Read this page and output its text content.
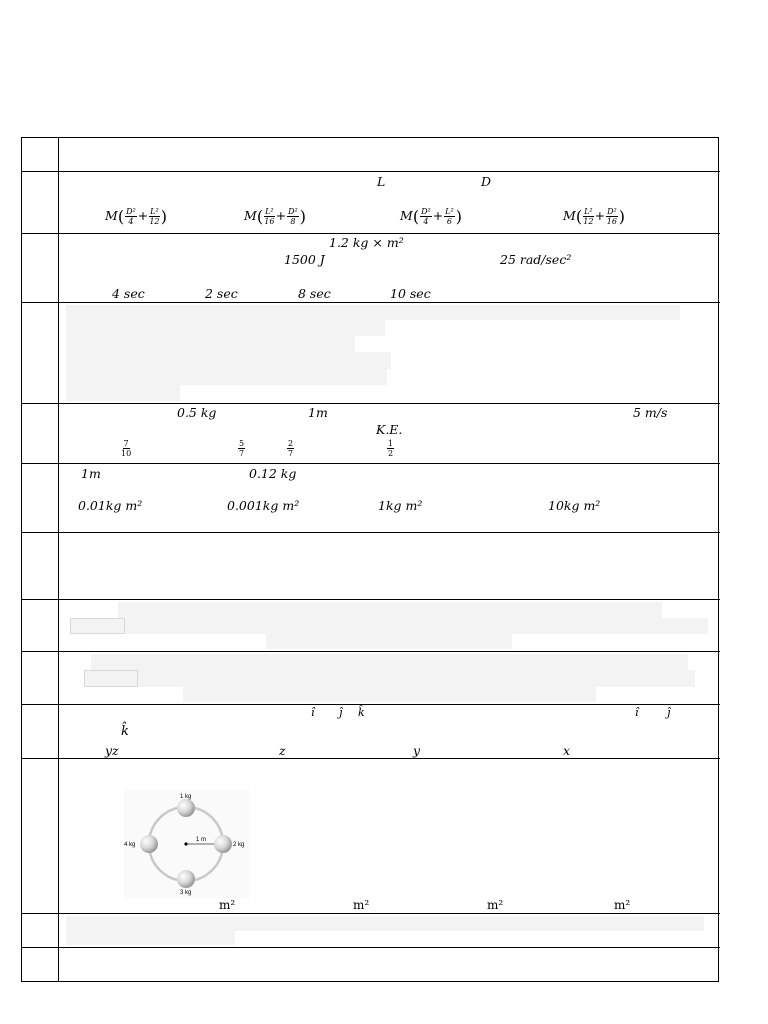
L	D
$M( \frac{\text{D²}}{4} + \frac{\text{L²}}{12}$ )	$M( \frac{\text{L²}}{16} + \frac{\text{D²}}{8}$ )	$M( \frac{\text{D²}}{4} + \frac{\text{L²}}{6}$ )	$M( \frac{\text{L²}}{12} + \frac{\text{D²}}{16}$ )
1.2 kg × m²
1500 J	25 rad/sec²
4 sec	2 sec	8 sec	10 sec
0.5 kg	1m	5 m/s
K.E.
$\frac{7}{10}$	$\frac{5}{7}$	$\frac{2}{7}$	$\frac{1}{2}$
1m	0.12 kg
0.01kg m²	0.001kg m²	1kg m²	10kg m²
î ĵ k̂	î	ĵ
k̂
yz	z	y	x
1 kg
2 kg
3 kg
4 kg
1 m
m²	m²	m²	m²
